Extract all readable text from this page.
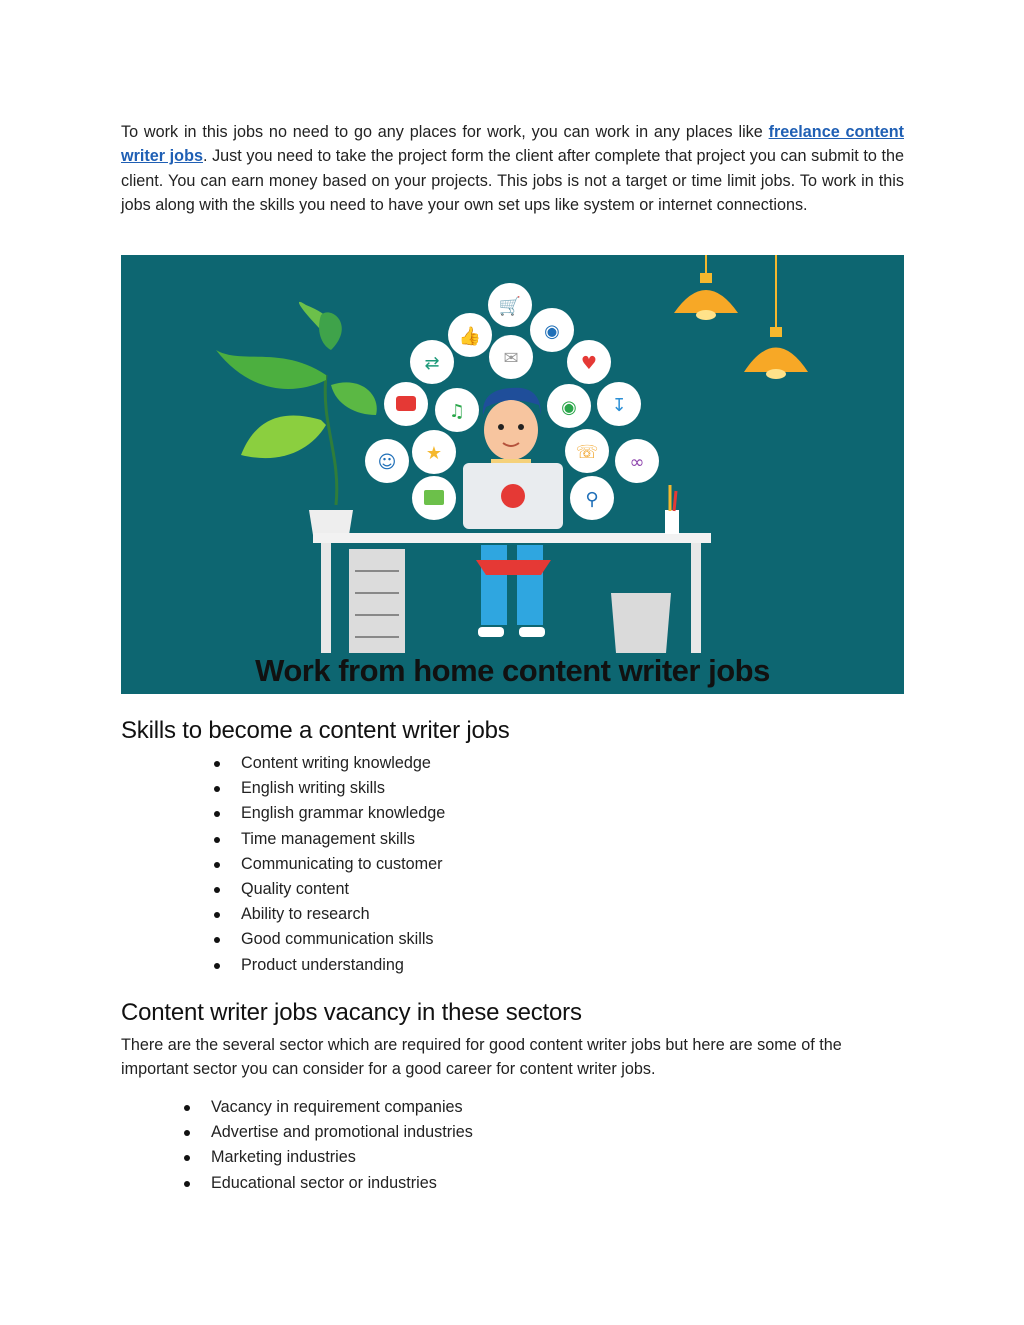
To work in this jobs no need to go any places for work, you can work in any places like freelance content writer jobs. Just you need to take the project form the client after complete that project you can submit to the client. You can earn money based on your projects. This jobs is not a target or time limit jobs. To work in this jobs along with the skills you need to have your own set ups like system or internet connections.

🛒
👍	◉
⇄	✉	♥
♫	◉ ↧
☺ ★	☏ ∞
⚲
Work from home content writer jobs
Skills to become a content writer jobs
Content writing knowledge
English writing skills
English grammar knowledge
Time management skills
Communicating to customer
Quality content
Ability to research
Good communication skills
Product understanding
Content writer jobs vacancy in these sectors

There are the several sector which are required for good content writer jobs but here are some of the important sector you can consider for a good career for content writer jobs.

Vacancy in requirement companies
Advertise and promotional industries
Marketing industries
Educational sector or industries
